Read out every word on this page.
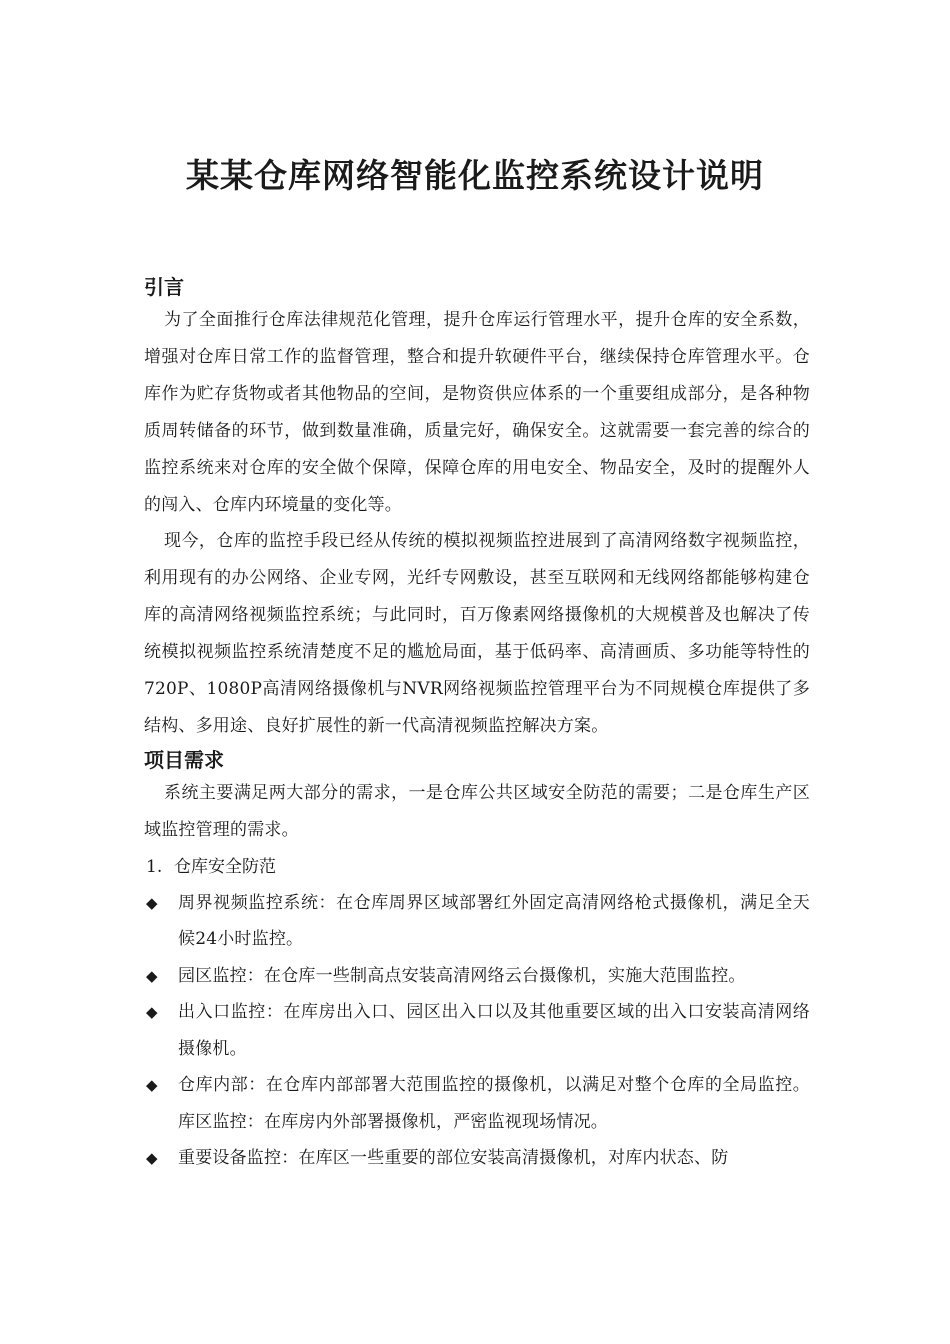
某某仓库网络智能化监控系统设计说明
引言
为了全面推行仓库法律规范化管理，提升仓库运行管理水平，提升仓库的安全系数，增强对仓库日常工作的监督管理，整合和提升软硬件平台，继续保持仓库管理水平。仓库作为贮存货物或者其他物品的空间，是物资供应体系的一个重要组成部分，是各种物质周转储备的环节，做到数量准确，质量完好，确保安全。这就需要一套完善的综合的监控系统来对仓库的安全做个保障，保障仓库的用电安全、物品安全，及时的提醒外人的闯入、仓库内环境量的变化等。
现今，仓库的监控手段已经从传统的模拟视频监控进展到了高清网络数字视频监控，利用现有的办公网络、企业专网，光纤专网敷设，甚至互联网和无线网络都能够构建仓库的高清网络视频监控系统；与此同时，百万像素网络摄像机的大规模普及也解决了传统模拟视频监控系统清楚度不足的尴尬局面，基于低码率、高清画质、多功能等特性的720P、1080P高清网络摄像机与NVR网络视频监控管理平台为不同规模仓库提供了多结构、多用途、良好扩展性的新一代高清视频监控解决方案。
项目需求
系统主要满足两大部分的需求，一是仓库公共区域安全防范的需要；二是仓库生产区域监控管理的需求。
1. 仓库安全防范
◆ 周界视频监控系统：在仓库周界区域部署红外固定高清网络枪式摄像机，满足全天候24小时监控。
◆ 园区监控：在仓库一些制高点安装高清网络云台摄像机，实施大范围监控。
◆ 出入口监控：在库房出入口、园区出入口以及其他重要区域的出入口安装高清网络摄像机。
◆ 仓库内部：在仓库内部部署大范围监控的摄像机，以满足对整个仓库的全局监控。库区监控：在库房内外部署摄像机，严密监视现场情况。
◆ 重要设备监控：在库区一些重要的部位安装高清摄像机，对库内状态、防
